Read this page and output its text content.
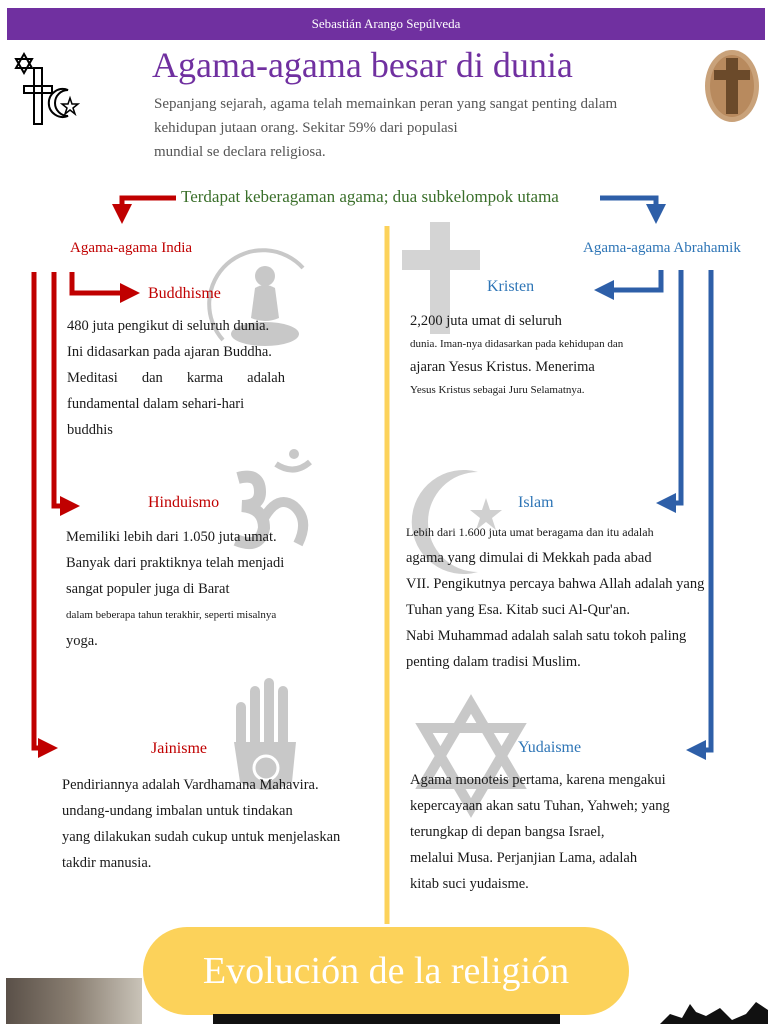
Sebastián Arango Sepúlveda
Agama-agama besar di dunia
Sepanjang sejarah, agama telah memainkan peran yang sangat penting dalam
kehidupan jutaan orang. Sekitar 59% dari populasi
mundial se declara religiosa.
Terdapat keberagaman agama; dua subkelompok utama
Agama-agama India	Agama-agama Abrahamik
Buddhisme
480 juta pengikut di seluruh dunia.
Ini didasarkan pada ajaran Buddha.
Meditasi dan karma adalah
fundamental dalam sehari-hari
buddhis
Hinduismo
Memiliki lebih dari 1.050 juta umat.
Banyak dari praktiknya telah menjadi
sangat populer juga di Barat
dalam beberapa tahun terakhir, seperti misalnya
yoga.
Jainisme
Pendiriannya adalah Vardhamana Mahavira.
undang-undang imbalan untuk tindakan
yang dilakukan sudah cukup untuk menjelaskan
takdir manusia.
Kristen
2,200 juta umat di seluruh
dunia. Iman-nya didasarkan pada kehidupan dan
ajaran Yesus Kristus. Menerima
Yesus Kristus sebagai Juru Selamatnya.
Islam
Lebih dari 1.600 juta umat beragama dan itu adalah
agama yang dimulai di Mekkah pada abad
VII. Pengikutnya percaya bahwa Allah adalah yang
Tuhan yang Esa. Kitab suci Al-Qur'an.
Nabi Muhammad adalah salah satu tokoh paling
penting dalam tradisi Muslim.
Yudaisme
Agama monoteis pertama, karena mengakui
kepercayaan akan satu Tuhan, Yahweh; yang
terungkap di depan bangsa Israel,
melalui Musa. Perjanjian Lama, adalah
kitab suci yudaisme.
Evolución de la religión
